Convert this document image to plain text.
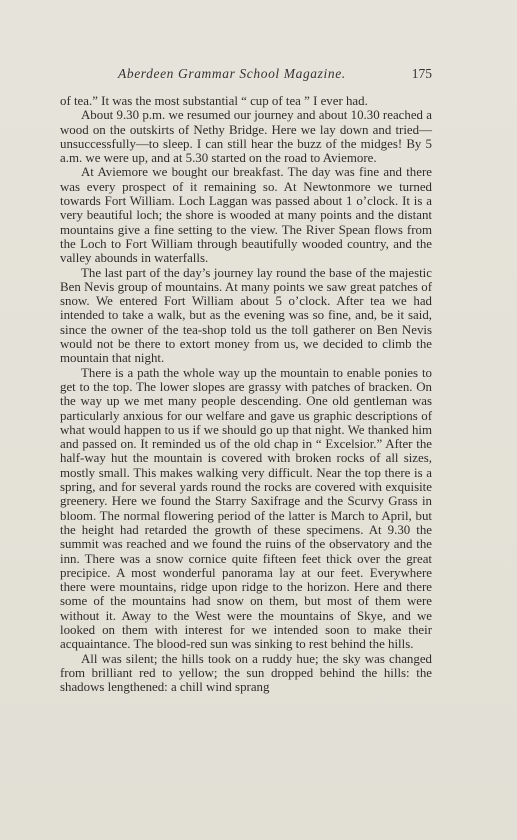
Aberdeen Grammar School Magazine.	175

of tea.” It was the most substantial “ cup of tea ” I ever had.

About 9.30 p.m. we resumed our journey and about 10.30 reached a wood on the outskirts of Nethy Bridge. Here we lay down and tried—unsuccessfully—to sleep. I can still hear the buzz of the midges! By 5 a.m. we were up, and at 5.30 started on the road to Aviemore.

At Aviemore we bought our breakfast. The day was fine and there was every prospect of it remaining so. At Newtonmore we turned towards Fort William. Loch Laggan was passed about 1 o’clock. It is a very beautiful loch; the shore is wooded at many points and the distant mountains give a fine setting to the view. The River Spean flows from the Loch to Fort William through beautifully wooded country, and the valley abounds in waterfalls.

The last part of the day’s journey lay round the base of the majestic Ben Nevis group of mountains. At many points we saw great patches of snow. We entered Fort William about 5 o’clock. After tea we had intended to take a walk, but as the evening was so fine, and, be it said, since the owner of the tea-shop told us the toll gatherer on Ben Nevis would not be there to extort money from us, we decided to climb the mountain that night.

There is a path the whole way up the mountain to enable ponies to get to the top. The lower slopes are grassy with patches of bracken. On the way up we met many people descending. One old gentleman was particularly anxious for our welfare and gave us graphic descriptions of what would happen to us if we should go up that night. We thanked him and passed on. It reminded us of the old chap in “ Excelsior.” After the half-way hut the mountain is covered with broken rocks of all sizes, mostly small. This makes walking very difficult. Near the top there is a spring, and for several yards round the rocks are covered with exquisite greenery. Here we found the Starry Saxifrage and the Scurvy Grass in bloom. The normal flowering period of the latter is March to April, but the height had retarded the growth of these specimens. At 9.30 the summit was reached and we found the ruins of the observatory and the inn. There was a snow cornice quite fifteen feet thick over the great precipice. A most wonderful panorama lay at our feet. Everywhere there were mountains, ridge upon ridge to the horizon. Here and there some of the mountains had snow on them, but most of them were without it. Away to the West were the mountains of Skye, and we looked on them with interest for we intended soon to make their acquaintance. The blood-red sun was sinking to rest behind the hills.

All was silent; the hills took on a ruddy hue; the sky was changed from brilliant red to yellow; the sun dropped behind the hills: the shadows lengthened: a chill wind sprang
